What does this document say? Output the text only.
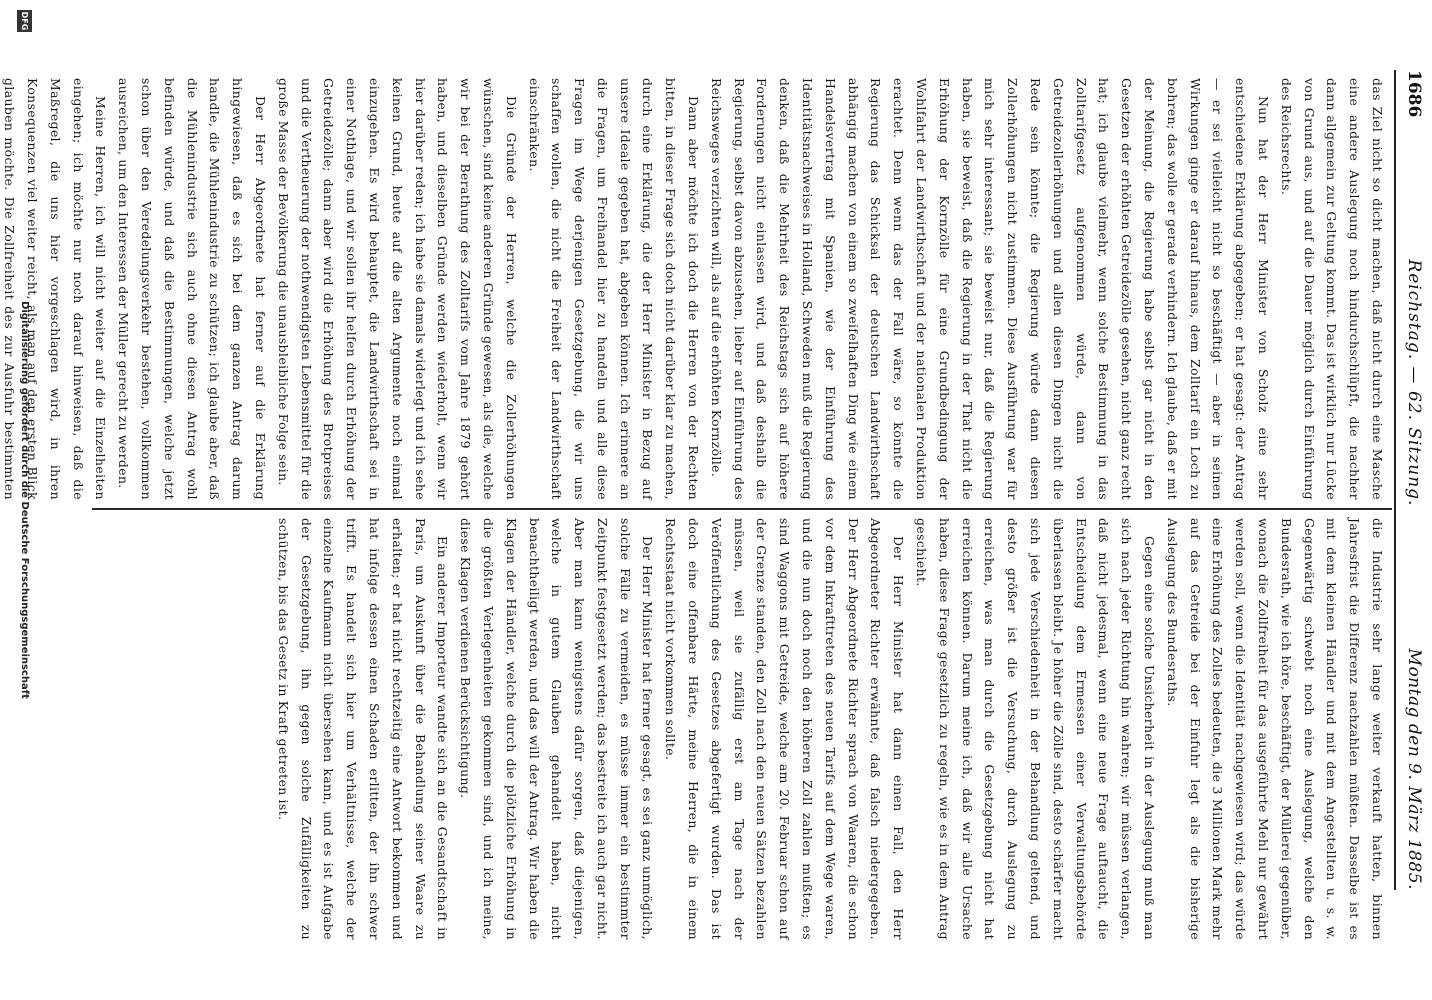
1686
Reichstag. — 62. Sitzung.
Montag den 9. März 1885.

das Ziel nicht so dicht machen, daß nicht durch eine Masche eine andere Auslegung noch hindurchschlüpft, die nachher dann allgemein zur Geltung kommt. Das ist wirklich nur Lücke von Grund aus, und auf die Dauer möglich durch Einführung des Reichsrechts.

Nun hat der Herr Minister von Scholz eine sehr entschiedene Erklärung abgegeben; er hat gesagt: der Antrag — er sei vielleicht nicht so beschäftigt — aber in seinen Wirkungen ginge er darauf hinaus, dem Zolltarif ein Loch zu bohren; das wolle er gerade verhindern. Ich glaube, daß er mit der Meinung, die Regierung habe selbst gar nicht in den Gesetzen der erhöhten Getreidezölle gesehen, nicht ganz recht hat; ich glaube vielmehr, wenn solche Bestimmung in das Zolltarifgesetz aufgenommen würde, dann von Getreidezollerhöhungen und allen diesen Dingen nicht die Rede sein könnte; die Regierung würde dann diesen Zollerhöhungen nicht zustimmen. Diese Ausführung war für mich sehr interessant; sie beweist nur, daß die Regierung haben, sie beweist, daß die Regierung in der That nicht die Erhöhung der Kornzölle für eine Grundbedingung der Wohlfahrt der Landwirthschaft und der nationalen Produktion erachtet. Denn wenn das der Fall wäre, so könnte die Regierung das Schicksal der deutschen Landwirthschaft abhängig machen von einem so zweifelhaften Ding wie einem Handelsvertrag mit Spanien, wie der Einführung des Identitätsnachweises in Holland, Schweden muß die Regierung denken, daß die Mehrheit des Reichstags sich auf höhere Forderungen nicht einlassen wird, und daß deshalb die Regierung, selbst davon abzusehen, lieber auf Einführung des Reichsweges verzichten will, als auf die erhöhten Kornzölle.

Dann aber möchte ich doch die Herren von der Rechten bitten, in dieser Frage sich doch nicht darüber klar zu machen, durch eine Erklärung, die der Herr Minister in Bezug auf unsere Ideale gegeben hat, abgeben können. Ich erinnere an die Fragen, um Freihandel hier zu handeln und alle diese Fragen im Wege derjenigen Gesetzgebung, die wir uns schaffen wollen, die nicht die Freiheit der Landwirthschaft einschränken.

Die Gründe der Herren, welche die Zollerhöhungen wünschen, sind keine anderen Gründe gewesen, als die, welche wir bei der Berathung des Zolltarifs vom Jahre 1879 gehört haben, und dieselben Gründe werden wiederholt, wenn wir hier darüber reden; ich habe sie damals widerlegt und ich sehe keinen Grund, heute auf die alten Argumente noch einmal einzugehen. Es wird behauptet, die Landwirthschaft sei in einer Nothlage, und wir sollen ihr helfen durch Erhöhung der Getreidezölle; dann aber wird die Erhöhung des Brotpreises und die Vertheuerung der nothwendigsten Lebensmittel für die große Masse der Bevölkerung die unausbleibliche Folge sein.

Der Herr Abgeordnete hat ferner auf die Erklärung hingewiesen, daß es sich bei dem ganzen Antrag darum handle, die Mühlenindustrie zu schützen; ich glaube aber, daß die Mühlenindustrie sich auch ohne diesen Antrag wohl befinden würde, und daß die Bestimmungen, welche jetzt schon über den Veredelungsverkehr bestehen, vollkommen ausreichen, um den Interessen der Müller gerecht zu werden.

Meine Herren, ich will nicht weiter auf die Einzelheiten eingehen; ich möchte nur noch darauf hinweisen, daß die Maßregel, die uns hier vorgeschlagen wird, in ihren Konsequenzen viel weiter reicht, als man auf den ersten Blick glauben möchte. Die Zollfreiheit des zur Ausfuhr bestimmten

die Industrie sehr lange weiter verkauft hatten, binnen Jahresfrist die Differenz nachzahlen müßten. Dasselbe ist es mit dem kleinen Händler und mit dem Angestellten u. s. w. Gegenwärtig schwebt noch eine Auslegung, welche den Bundesrath, wie ich höre, beschäftigt, der Müllerei gegenüber, wonach die Zollfreiheit für das ausgeführte Mehl nur gewährt werden soll, wenn die Identität nachgewiesen wird; das würde eine Erhöhung des Zolles bedeuten, die 3 Millionen Mark mehr auf das Getreide bei der Einfuhr legt als die bisherige Auslegung des Bundesraths.

Gegen eine solche Unsicherheit in der Auslegung muß man sich nach jeder Richtung hin wahren; wir müssen verlangen, daß nicht jedesmal, wenn eine neue Frage auftaucht, die Entscheidung dem Ermessen einer Verwaltungsbehörde überlassen bleibt. Je höher die Zölle sind, desto schärfer macht sich jede Verschiedenheit in der Behandlung geltend, und desto größer ist die Versuchung, durch Auslegung zu erreichen, was man durch die Gesetzgebung nicht hat erreichen können. Darum meine ich, daß wir alle Ursache haben, diese Frage gesetzlich zu regeln, wie es in dem Antrag geschieht.

Der Herr Minister hat dann einen Fall, den Herr Abgeordneter Richter erwähnte, daß falsch niedergegeben. Der Herr Abgeordnete Richter sprach von Waaren, die schon vor dem Inkrafttreten des neuen Tarifs auf dem Wege waren, und die nun doch noch den höheren Zoll zahlen mußten; es sind Waggons mit Getreide, welche am 20. Februar schon auf der Grenze standen, den Zoll nach den neuen Sätzen bezahlen müssen, weil sie zufällig erst am Tage nach der Veröffentlichung des Gesetzes abgefertigt wurden. Das ist doch eine offenbare Härte, meine Herren, die in einem Rechtsstaat nicht vorkommen sollte.

Der Herr Minister hat ferner gesagt, es sei ganz unmöglich, solche Fälle zu vermeiden, es müsse immer ein bestimmter Zeitpunkt festgesetzt werden; das bestreite ich auch gar nicht. Aber man kann wenigstens dafür sorgen, daß diejenigen, welche in gutem Glauben gehandelt haben, nicht benachtheiligt werden, und das will der Antrag. Wir haben die Klagen der Händler, welche durch die plötzliche Erhöhung in die größten Verlegenheiten gekommen sind, und ich meine, diese Klagen verdienen Berücksichtigung.

Ein anderer Importeur wandte sich an die Gesandtschaft in Paris, um Auskunft über die Behandlung seiner Waare zu erhalten; er hat nicht rechtzeitig eine Antwort bekommen und hat infolge dessen einen Schaden erlitten, der ihn schwer trifft. Es handelt sich hier um Verhältnisse, welche der einzelne Kaufmann nicht übersehen kann, und es ist Aufgabe der Gesetzgebung, ihn gegen solche Zufälligkeiten zu schützen, bis das Gesetz in Kraft getreten ist.

DFG
Digitalisierung gefördert durch die Deutsche Forschungsgemeinschaft
